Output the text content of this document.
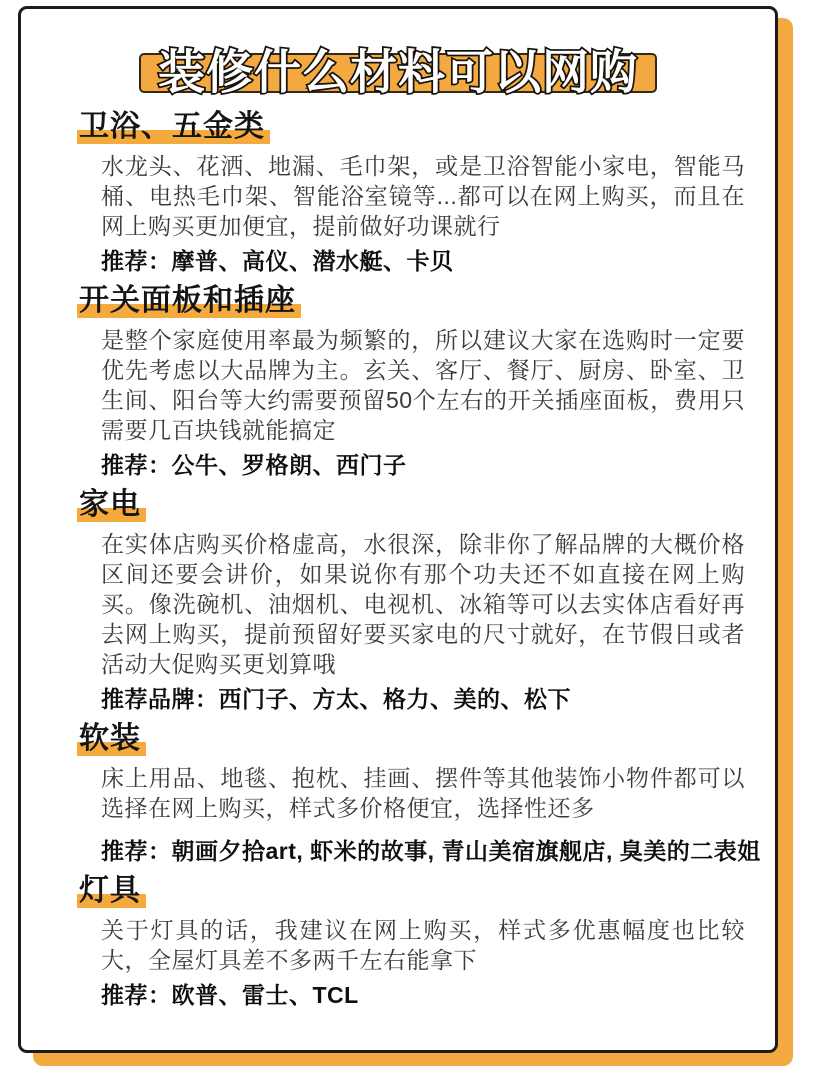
装修什么材料可以网购
卫浴、五金类

水龙头、花洒、地漏、毛巾架，或是卫浴智能小家电，智能马桶、电热毛巾架、智能浴室镜等...都可以在网上购买，而且在网上购买更加便宜，提前做好功课就行

推荐：摩普、高仪、潜水艇、卡贝

开关面板和插座

是整个家庭使用率最为频繁的，所以建议大家在选购时一定要优先考虑以大品牌为主。玄关、客厅、餐厅、厨房、卧室、卫生间、阳台等大约需要预留50个左右的开关插座面板，费用只需要几百块钱就能搞定

推荐：公牛、罗格朗、西门子

家电

在实体店购买价格虚高，水很深，除非你了解品牌的大概价格区间还要会讲价，如果说你有那个功夫还不如直接在网上购买。像洗碗机、油烟机、电视机、冰箱等可以去实体店看好再去网上购买，提前预留好要买家电的尺寸就好，在节假日或者活动大促购买更划算哦

推荐品牌：西门子、方太、格力、美的、松下

软装

床上用品、地毯、抱枕、挂画、摆件等其他装饰小物件都可以选择在网上购买，样式多价格便宜，选择性还多

推荐：朝画夕拾art, 虾米的故事, 青山美宿旗舰店, 臭美的二表姐

灯具

关于灯具的话，我建议在网上购买，样式多优惠幅度也比较大，全屋灯具差不多两千左右能拿下

推荐：欧普、雷士、TCL
